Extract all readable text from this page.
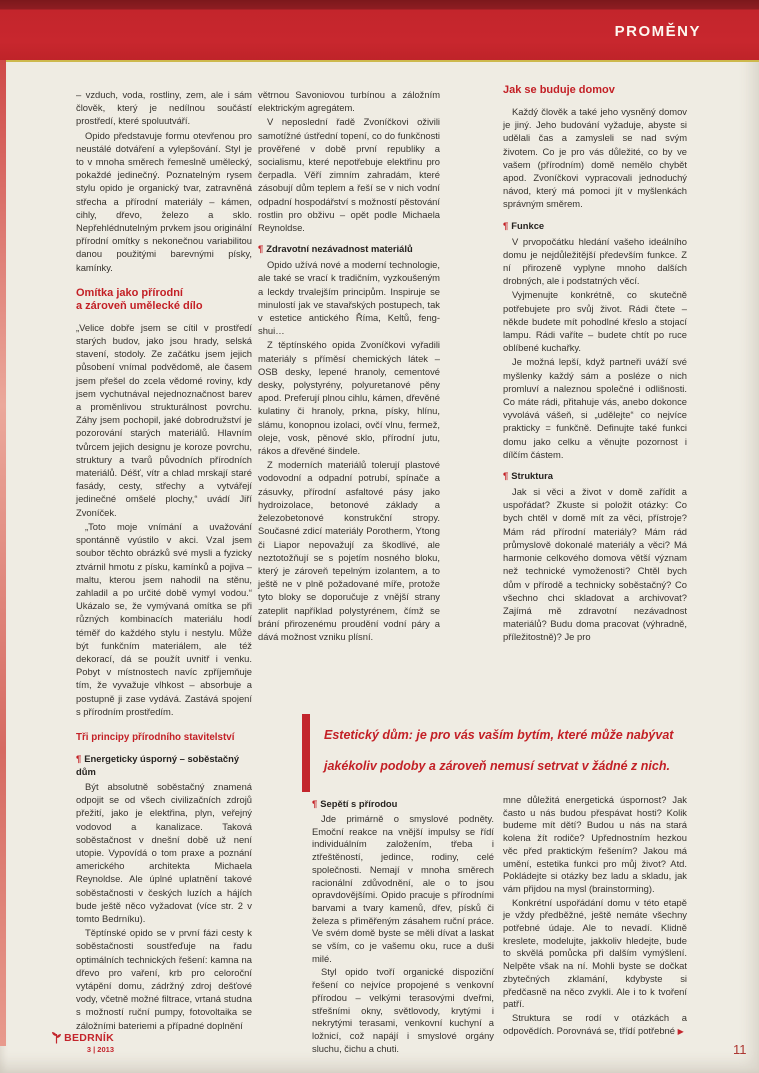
PROMĚNY

– vzduch, voda, rostliny, zem, ale i sám člověk, který je nedílnou součástí prostředí, které spoluutváří.

Opido představuje formu otevřenou pro neustálé dotváření a vylepšování. Styl je to v mnoha směrech řemeslně umělecký, pokaždé jedinečný. Poznatelným rysem stylu opido je organický tvar, zatravněná střecha a přírodní materiály – kámen, cihly, dřevo, železo a sklo. Nepřehlédnutelným prvkem jsou originální přírodní omítky s nekonečnou variabilitou danou použitými barevnými písky, kamínky.

Omítka jako přírodní
a zároveň umělecké dílo

„Velice dobře jsem se cítil v prostředí starých budov, jako jsou hrady, selská stavení, stodoly. Ze začátku jsem jejich působení vnímal podvědomě, ale časem jsem přešel do zcela vědomé roviny, kdy jsem vychutnával nejednoznačnost barev a proměnlivou strukturálnost povrchu. Záhy jsem pochopil, jaké dobrodružství je pozorování starých materiálů. Hlavním tvůrcem jejich designu je koroze povrchu, struktury a tvarů původních přírodních materiálů. Déšť, vítr a chlad mrskají staré fasády, cesty, střechy a vytvářejí jedinečné omšelé plochy,“ uvádí Jiří Zvoníček.

„Toto moje vnímání a uvažování spontánně vyústilo v akci. Vzal jsem soubor těchto obrázků své mysli a fyzicky ztvárnil hmotu z písku, kamínků a pojiva – maltu, kterou jsem nahodil na stěnu, zahladil a po určité době vymyl vodou.“ Ukázalo se, že vymývaná omítka se při různých kombinacích materiálu hodí téměř do každého stylu i nestylu. Může být funkčním materiálem, ale též dekorací, dá se použít uvnitř i venku. Pobyt v místnostech navíc zpříjemňuje tím, že vyvažuje vlhkost – absorbuje a postupně ji zase vydává. Zastává spojení s přírodním prostředím.

Tři principy přírodního stavitelství
¶ Energeticky úsporný – soběstačný dům

Být absolutně soběstačný znamená odpojit se od všech civilizačních zdrojů přežití, jako je elektřina, plyn, veřejný vodovod a kanalizace. Taková soběstačnost v dnešní době už není utopie. Vypovídá o tom praxe a poznání amerického architekta Michaela Reynoldse. Ale úplné uplatnění takové soběstačnosti v českých luzích a hájích bude ještě něco vyžadovat (více str. 2 v tomto Bedrníku).

Těptínské opido se v první fázi cesty k soběstačnosti soustřeďuje na řadu optimálních technických řešení: kamna na dřevo pro vaření, krb pro celoroční vytápění domu, zádržný zdroj dešťové vody, včetně možné filtrace, vrtaná studna s možností ruční pumpy, fotovoltaika se záložními bateriemi a případné doplnění

větrnou Savoniovou turbínou a záložním elektrickým agregátem.

V neposlední řadě Zvoníčkovi oživili samotížné ústřední topení, co do funkčnosti prověřené v době první republiky a socialismu, které nepotřebuje elektřinu pro čerpadla. Věří zimním zahradám, které zásobují dům teplem a řeší se v nich vodní odpadní hospodářství s možností pěstování rostlin pro obživu – opět podle Michaela Reynoldse.

¶ Zdravotní nezávadnost materiálů

Opido užívá nové a moderní technologie, ale také se vrací k tradičním, vyzkoušeným a leckdy trvalejším principům. Inspiruje se minulostí jak ve stavařských postupech, tak v estetice antického Říma, Keltů, feng-shui…

Z těptínského opida Zvoníčkovi vyřadili materiály s příměsí chemických látek – OSB desky, lepené hranoly, cementové desky, polystyrény, polyuretanové pěny apod. Preferují plnou cihlu, kámen, dřevěné kulatiny či hranoly, prkna, písky, hlínu, slámu, konopnou izolaci, ovčí vlnu, fermež, oleje, vosk, pěnové sklo, přírodní jutu, rákos a dřevěné šindele.

Z moderních materiálů tolerují plastové vodovodní a odpadní potrubí, spínače a zásuvky, přírodní asfaltové pásy jako hydroizolace, betonové základy a železobetonové konstrukční stropy. Současné zdicí materiály Porotherm, Ytong či Liapor nepovažují za škodlivé, ale neztotožňují se s pojetím nosného bloku, který je zároveň tepelným izolantem, a to ještě ne v plně požadované míře, protože tyto bloky se doporučuje z vnější strany zateplit například polystyrénem, čímž se brání přirozenému proudění vodní páry a dává možnost vzniku plísní.

Estetický dům: je pro vás vaším bytím, které může nabývat
jakékoliv podoby a zároveň nemusí setrvat v žádné z nich.
¶ Sepětí s přírodou

Jde primárně o smyslové podněty. Emoční reakce na vnější impulsy se řídí individuálním založením, třeba i ztřeštěností, jedince, rodiny, celé společnosti. Nemají v mnoha směrech racionální zdůvodnění, ale o to jsou opravdovějšími. Opido pracuje s přírodními barvami a tvary kamenů, dřev, písků či železa s přiměřeným zásahem ruční práce. Ve svém domě byste se měli dívat a laskat se vším, co je vašemu oku, ruce a duši milé.

Styl opido tvoří organické dispoziční řešení co nejvíce propojené s venkovní přírodou – velkými terasovými dveřmi, střešními okny, světlovody, krytými i nekrytými terasami, venkovní kuchyní a ložnicí, což napájí i smyslové orgány sluchu, čichu a chuti.

Jak se buduje domov

Každý člověk a také jeho vysněný domov je jiný. Jeho budování vyžaduje, abyste si udělali čas a zamysleli se nad svým životem. Co je pro vás důležité, co by ve vašem (přírodním) domě nemělo chybět apod. Zvoníčkovi vypracovali jednoduchý návod, který má pomoci jít v myšlenkách správným směrem.

¶ Funkce

V prvopočátku hledání vašeho ideálního domu je nejdůležitější především funkce. Z ní přirozeně vyplyne mnoho dalších drobných, ale i podstatných věcí.

Vyjmenujte konkrétně, co skutečně potřebujete pro svůj život. Rádi čtete – někde budete mít pohodlné křeslo a stojací lampu. Rádi vaříte – budete chtít po ruce oblíbené kuchařky.

Je možná lepší, když partneři uváží své myšlenky každý sám a posléze o nich promluví a naleznou společné i odlišnosti. Co máte rádi, přitahuje vás, anebo dokonce vyvolává vášeň, si „udělejte“ co nejvíce prakticky = funkčně. Definujte také funkci domu jako celku a věnujte pozornost i dílčím částem.

¶ Struktura

Jak si věci a život v domě zařídit a uspořádat? Zkuste si položit otázky: Co bych chtěl v domě mít za věci, přístroje? Mám rád přírodní materiály? Mám rád průmyslově dokonalé materiály a věci? Má harmonie celkového domova větší význam než technické vymoženosti? Chtěl bych dům v přírodě a technicky soběstačný? Co všechno chci skladovat a archivovat? Zajímá mě zdravotní nezávadnost materiálů? Budu doma pracovat (výhradně, příležitostně)? Je pro

mne důležitá energetická úspornost? Jak často u nás budou přespávat hosti? Kolik budeme mít dětí? Budou u nás na stará kolena žít rodiče? Upřednostním hezkou věc před praktickým řešením? Jakou má umění, estetika funkci pro můj život? Atd. Pokládejte si otázky bez ladu a skladu, jak vám přijdou na mysl (brainstorming).

Konkrétní uspořádání domu v této etapě je vždy předběžné, ještě nemáte všechny potřebné údaje. Ale to nevadí. Klidně kreslete, modelujte, jakkoliv hledejte, bude to skvělá pomůcka při dalším vymýšlení. Nelpěte však na ní. Mohli byste se dočkat zbytečných zklamání, kdybyste si předčasně na něco zvykli. Ale i to k tvoření patří.

Struktura se rodí v otázkách a odpovědích. Porovnává se, třídí potřebné ▶

BEDRNÍK
3 | 2013	11
